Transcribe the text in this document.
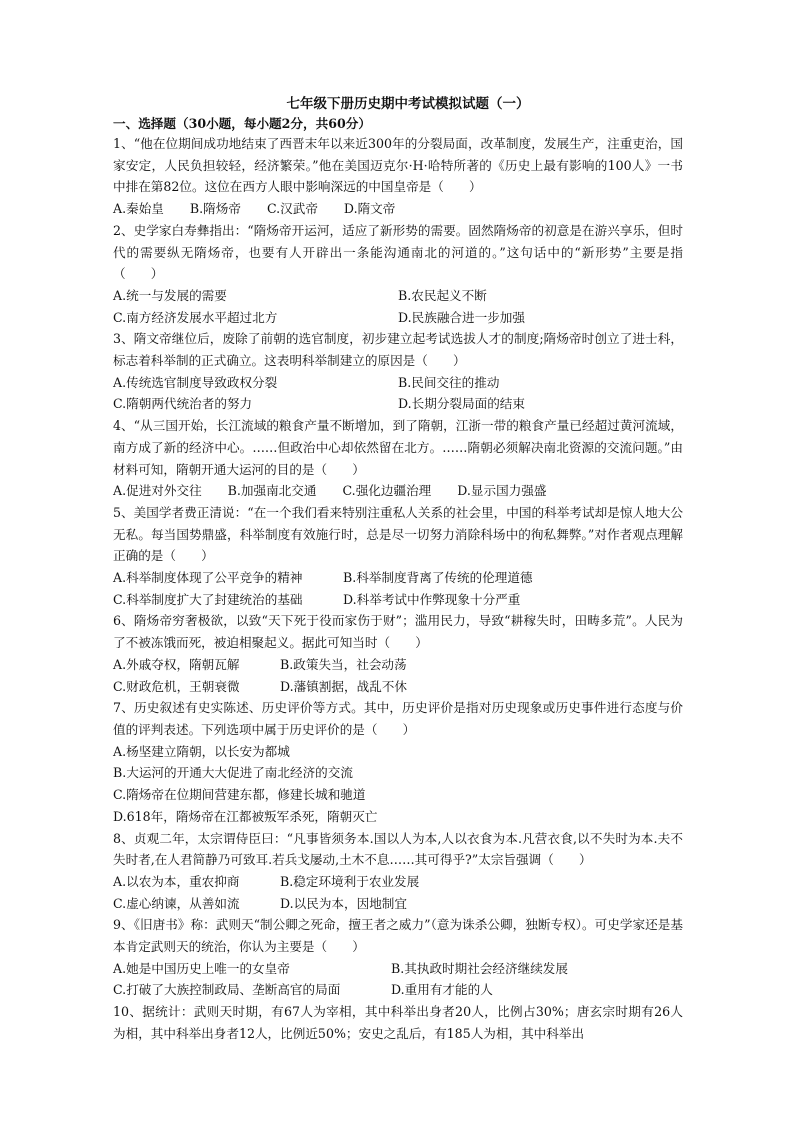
七年级下册历史期中考试模拟试题（一）

一、选择题（30小题，每小题2分，共60分）

1、“他在位期间成功地结束了西晋末年以来近300年的分裂局面，改革制度，发展生产，注重吏治，国家安定，人民负担较轻，经济繁荣。”他在美国迈克尔·H·哈特所著的《历史上最有影响的100人》一书中排在第82位。这位在西方人眼中影响深远的中国皇帝是（　　）

A.秦始皇 B.隋炀帝 C.汉武帝 D.隋文帝

2、史学家白寿彝指出：“隋炀帝开运河，适应了新形势的需要。固然隋炀帝的初意是在游兴享乐，但时代的需要纵无隋炀帝，也要有人开辟出一条能沟通南北的河道的。”这句话中的“新形势”主要是指（　　）

A.统一与发展的需要	B.农民起义不断
C.南方经济发展水平超过北方	D.民族融合进一步加强

3、隋文帝继位后，废除了前朝的选官制度，初步建立起考试选拔人才的制度;隋炀帝时创立了进士科，标志着科举制的正式确立。这表明科举制建立的原因是（　　）

A.传统选官制度导致政权分裂	B.民间交往的推动
C.隋朝两代统治者的努力	D.长期分裂局面的结束

4、“从三国开始，长江流域的粮食产量不断增加，到了隋朝，江浙一带的粮食产量已经超过黄河流域，南方成了新的经济中心。……但政治中心却依然留在北方。……隋朝必须解决南北资源的交流问题。”由材料可知，隋朝开通大运河的目的是（　　）

A.促进对外交往 B.加强南北交通 C.强化边疆治理 D.显示国力强盛

5、美国学者费正清说：“在一个我们看来特别注重私人关系的社会里，中国的科举考试却是惊人地大公无私。每当国势鼎盛，科举制度有效施行时，总是尽一切努力消除科场中的徇私舞弊。”对作者观点理解正确的是（　　）

A.科举制度体现了公平竞争的精神	B.科举制度背离了传统的伦理道德
C.科举制度扩大了封建统治的基础	D.科举考试中作弊现象十分严重

6、隋炀帝穷奢极欲，以致“天下死于役而家伤于财”；滥用民力，导致“耕稼失时，田畴多荒”。人民为了不被冻饿而死，被迫相聚起义。据此可知当时（　　）

A.外戚夺权，隋朝瓦解	B.政策失当，社会动荡
C.财政危机，王朝衰微	D.藩镇割据，战乱不休

7、历史叙述有史实陈述、历史评价等方式。其中，历史评价是指对历史现象或历史事件进行态度与价值的评判表述。下列选项中属于历史评价的是（　　）

A.杨坚建立隋朝，以长安为都城
B.大运河的开通大大促进了南北经济的交流
C.隋炀帝在位期间营建东都，修建长城和驰道
D.618年，隋炀帝在江都被叛军杀死，隋朝灭亡

8、贞观二年，太宗谓侍臣曰：“凡事皆须务本.国以人为本,人以衣食为本.凡营衣食,以不失时为本.夫不失时者,在人君简静乃可致耳.若兵戈屡动,土木不息……其可得乎?”太宗旨强调（　　）

A.以农为本，重农抑商	B.稳定环境利于农业发展
C.虚心纳谏，从善如流	D.以民为本，因地制宜

9、《旧唐书》称：武则天“制公卿之死命，擅王者之威力”（意为诛杀公卿，独断专权）。可史学家还是基本肯定武则天的统治，你认为主要是（　　）

A.她是中国历史上唯一的女皇帝	B.其执政时期社会经济继续发展
C.打破了大族控制政局、垄断高官的局面	D.重用有才能的人

10、据统计：武则天时期，有67人为宰相，其中科举出身者20人，比例占30%；唐玄宗时期有26人为相，其中科举出身者12人，比例近50%；安史之乱后，有185人为相，其中科举出
